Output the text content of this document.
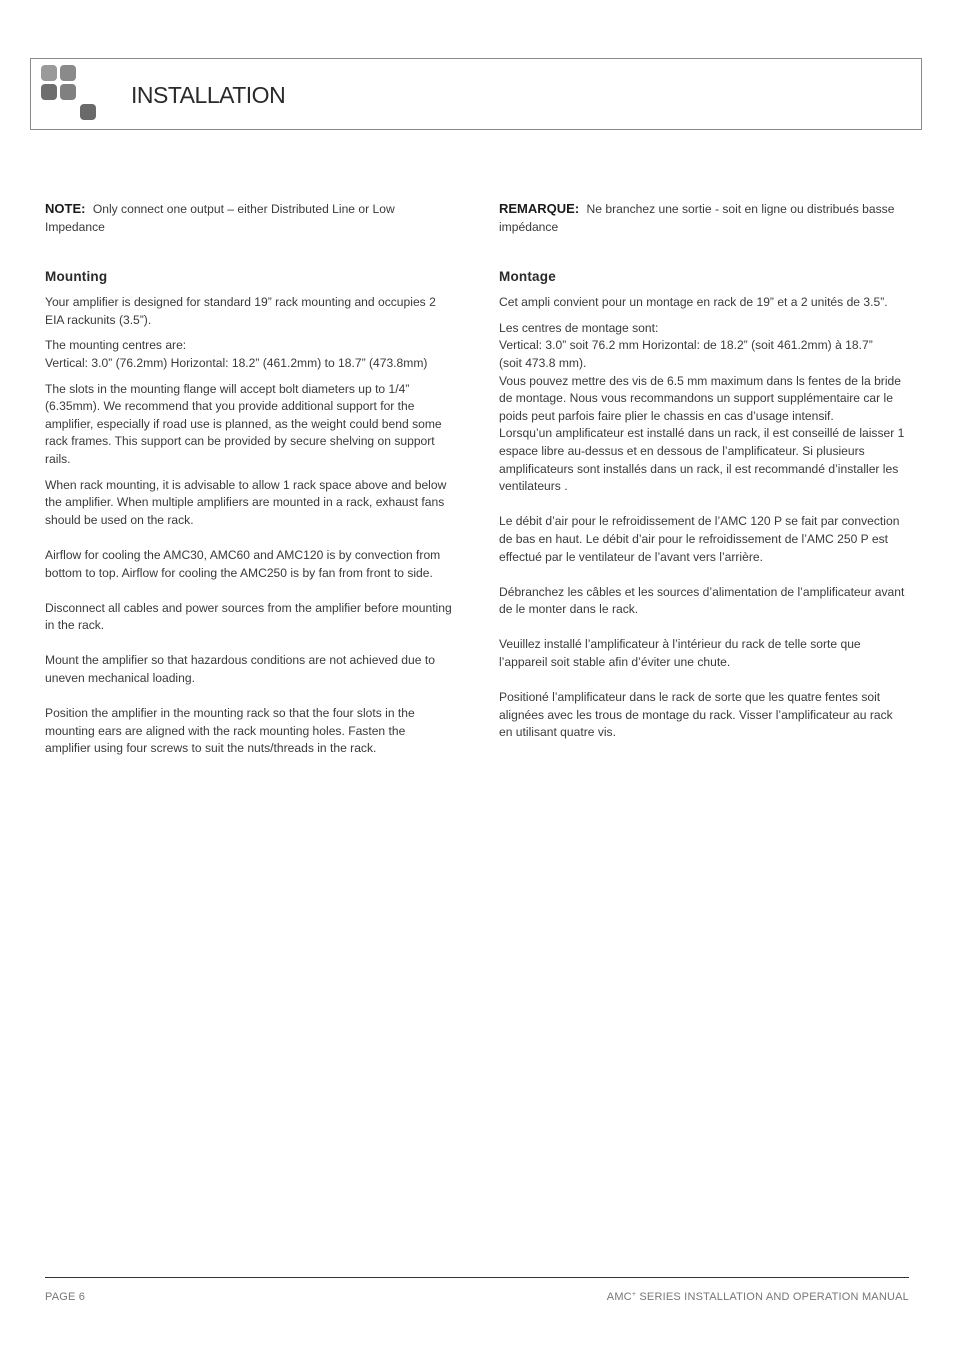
INSTALLATION

NOTE: Only connect one output – either Distributed Line or Low Impedance

Mounting

Your amplifier is designed for standard 19” rack mounting and occupies 2 EIA rackunits (3.5”).

The mounting centres are:
Vertical: 3.0” (76.2mm) Horizontal: 18.2” (461.2mm) to 18.7” (473.8mm)

The slots in the mounting flange will accept bolt diameters up to 1/4” (6.35mm). We recommend that you provide additional support for the amplifier, especially if road use is planned, as the weight could bend some rack frames. This support can be provided by secure shelving on support rails.

When rack mounting, it is advisable to allow 1 rack space above and below the amplifier. When multiple amplifiers are mounted in a rack, exhaust fans should be used on the rack.

Airflow for cooling the AMC30, AMC60 and AMC120 is by convection from bottom to top. Airflow for cooling the AMC250 is by fan from front to side.

Disconnect all cables and power sources from the amplifier before mounting in the rack.

Mount the amplifier so that hazardous conditions are not achieved due to uneven mechanical loading.

Position the amplifier in the mounting rack so that the four slots in the mounting ears are aligned with the rack mounting holes. Fasten the amplifier using four screws to suit the nuts/threads in the rack.

REMARQUE: Ne branchez une sortie - soit en ligne ou distribués basse impédance

Montage

Cet ampli convient pour un montage en rack de 19” et a 2 unités de 3.5”.

Les centres de montage sont:
Vertical: 3.0” soit 76.2 mm Horizontal: de 18.2” (soit 461.2mm) à 18.7”
(soit 473.8 mm).
Vous pouvez mettre des vis de 6.5 mm maximum dans ls fentes de la bride de montage. Nous vous recommandons un support supplémentaire car le poids peut parfois faire plier le chassis en cas d’usage intensif.
Lorsqu’un amplificateur est installé dans un rack, il est conseillé de laisser 1 espace libre au-dessus et en dessous de l’amplificateur. Si plusieurs amplificateurs sont installés dans un rack, il est recommandé d’installer les ventilateurs .

Le débit d’air pour le refroidissement de l’AMC 120 P se fait par convection de bas en haut. Le débit d’air pour le refroidissement de l’AMC 250 P est effectué par le ventilateur de l’avant vers l’arrière.

Débranchez les câbles et les sources d’alimentation de l’amplificateur avant de le monter dans le rack.

Veuillez installé l’amplificateur à l’intérieur du rack de telle sorte que l’appareil soit stable afin d’éviter une chute.

Positioné l’amplificateur dans le rack de sorte que les quatre fentes soit alignées avec les trous de montage du rack. Visser l’amplificateur au rack en utilisant quatre vis.

PAGE 6	AMC+ SERIES INSTALLATION AND OPERATION MANUAL
